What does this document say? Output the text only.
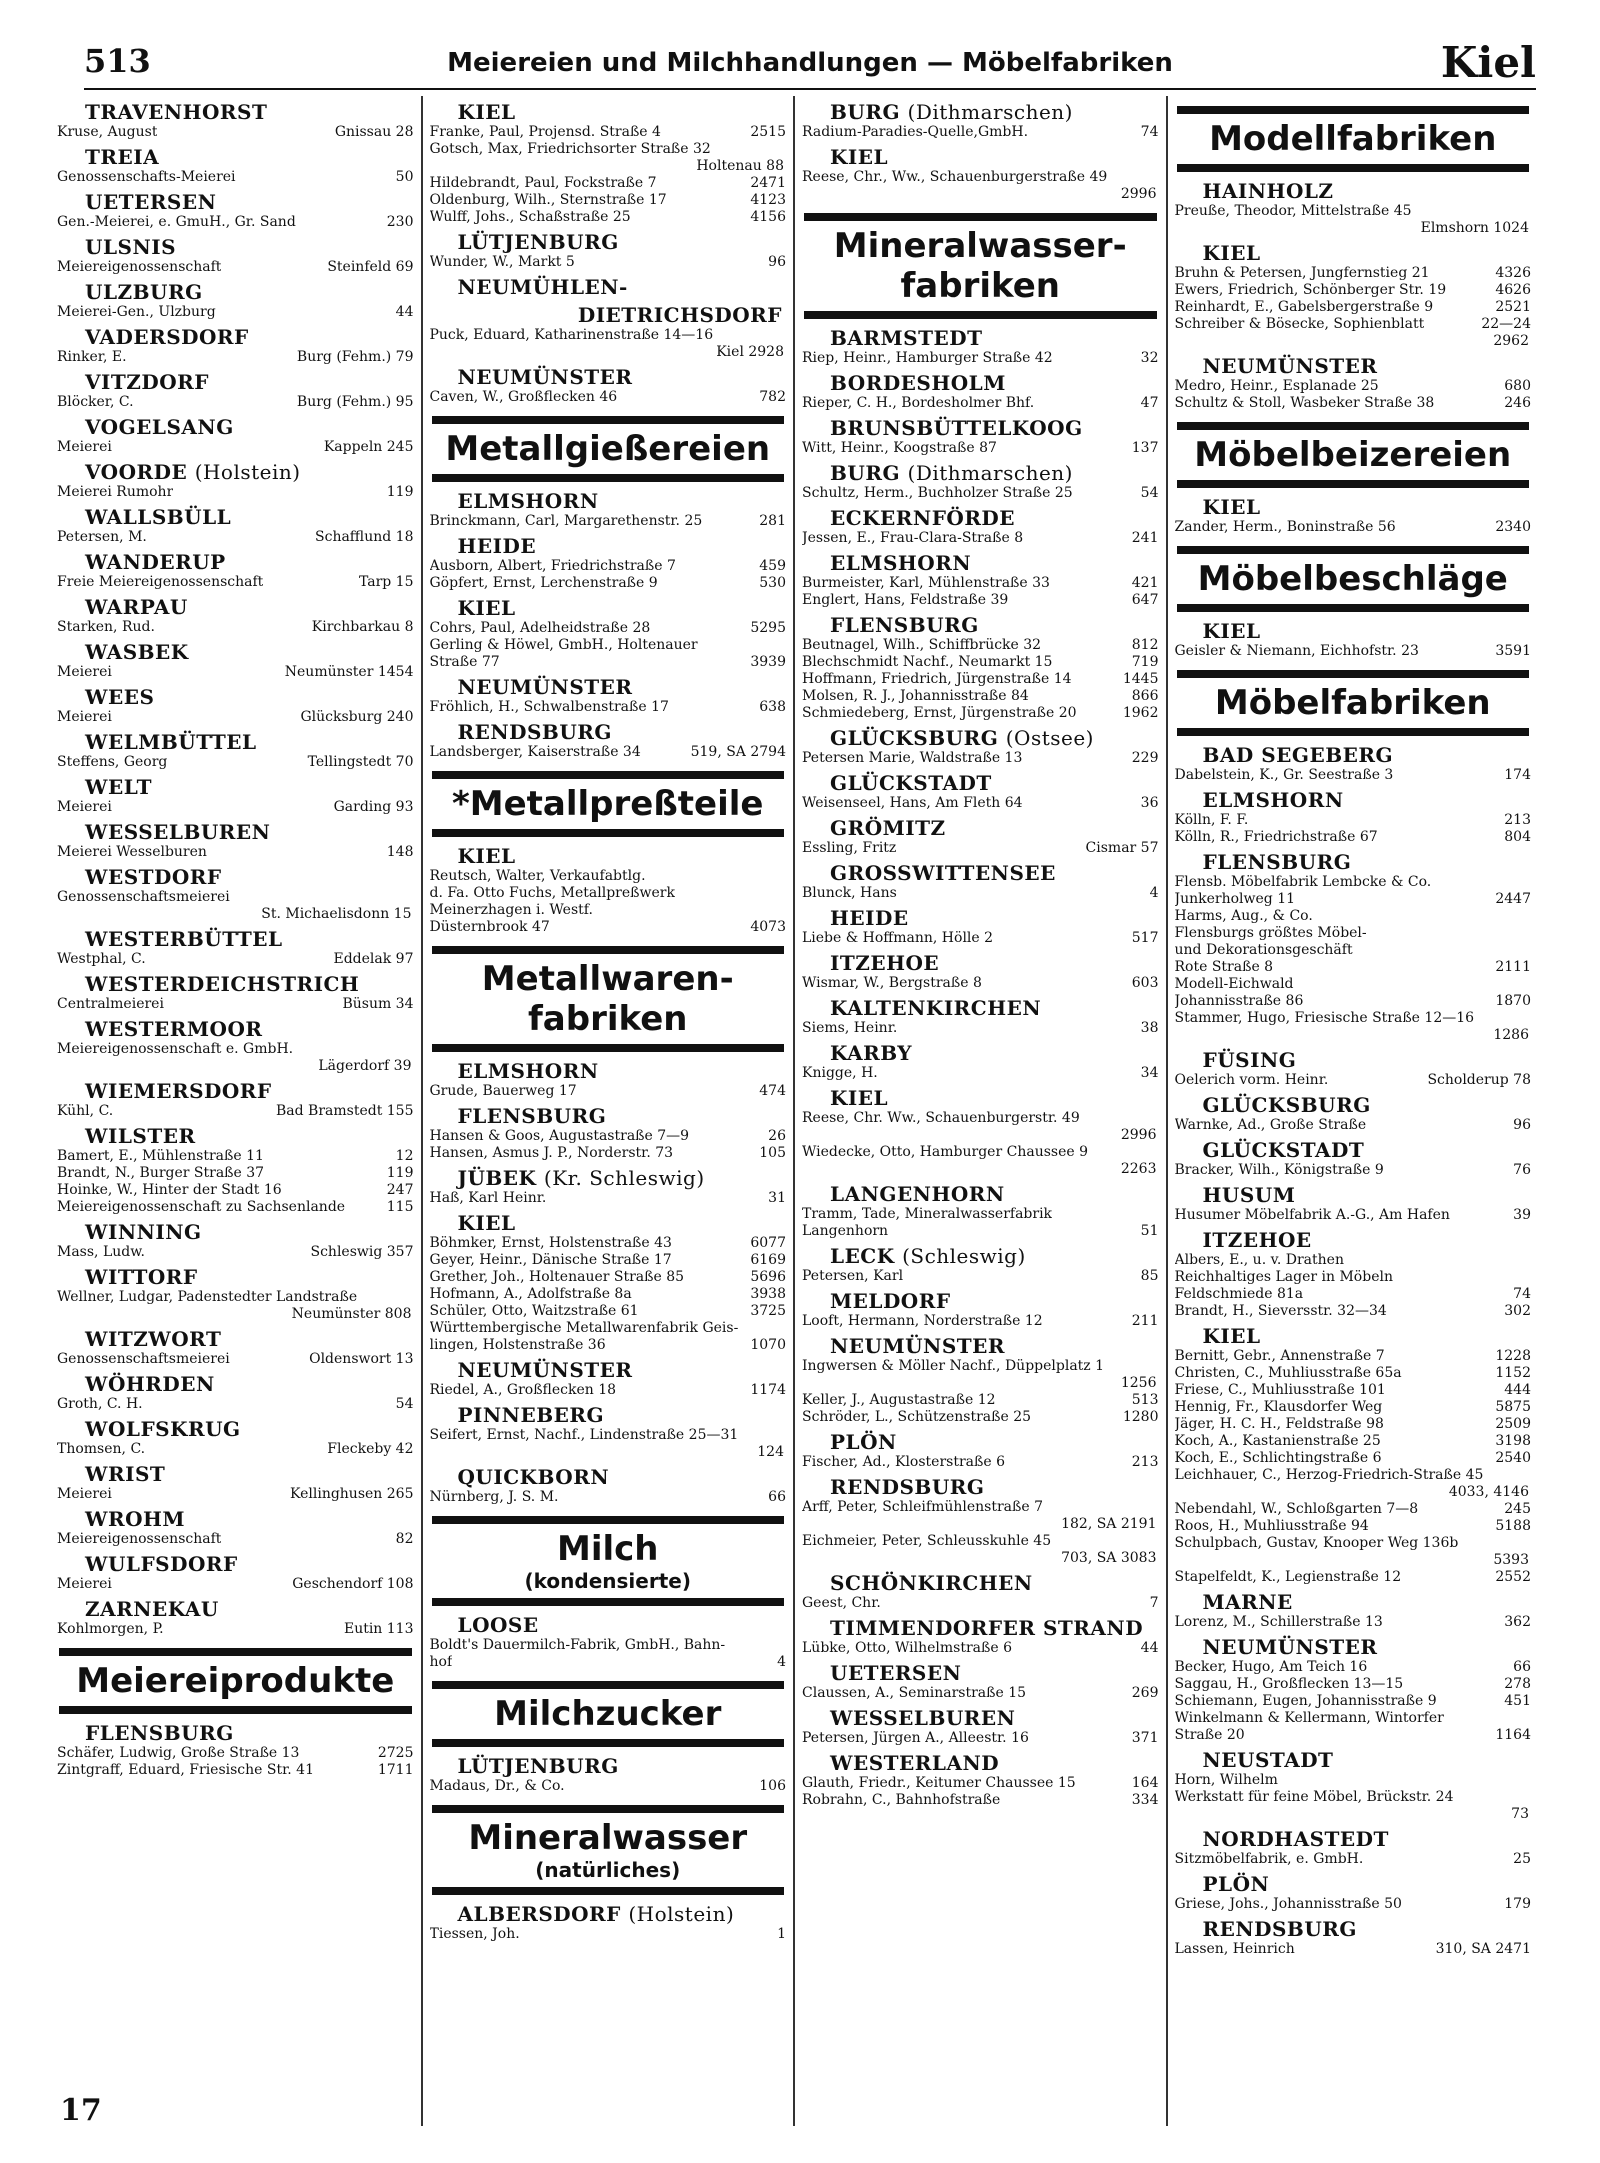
513	Meiereien und Milchhandlungen — Möbelfabriken	Kiel
TRAVENHORST
Kruse, August	Gnissau 28
TREIA
Genossenschafts-Meierei	50
UETERSEN
Gen.-Meierei, e. GmuH., Gr. Sand	230
ULSNIS
Meiereigenossenschaft	Steinfeld 69
ULZBURG
Meierei-Gen., Ulzburg	44
VADERSDORF
Rinker, E.	Burg (Fehm.) 79
VITZDORF
Blöcker, C.	Burg (Fehm.) 95
VOGELSANG
Meierei	Kappeln 245
VOORDE (Holstein)
Meierei Rumohr	119
WALLSBÜLL
Petersen, M.	Schafflund 18
WANDERUP
Freie Meiereigenossenschaft	Tarp 15
WARPAU
Starken, Rud.	Kirchbarkau 8
WASBEK
Meierei	Neumünster 1454
WEES
Meierei	Glücksburg 240
WELMBÜTTEL
Steffens, Georg	Tellingstedt 70
WELT
Meierei	Garding 93
WESSELBUREN
Meierei Wesselburen	148
WESTDORF
Genossenschaftsmeierei
St. Michaelisdonn 15
WESTERBÜTTEL
Westphal, C.	Eddelak 97
WESTERDEICHSTRICH
Centralmeierei	Büsum 34
WESTERMOOR
Meiereigenossenschaft e. GmbH.
Lägerdorf 39
WIEMERSDORF
Kühl, C.	Bad Bramstedt 155
WILSTER
Bamert, E., Mühlenstraße 11	12
Brandt, N., Burger Straße 37	119
Hoinke, W., Hinter der Stadt 16	247
Meiereigenossenschaft zu Sachsenlande	115
WINNING
Mass, Ludw.	Schleswig 357
WITTORF
Wellner, Ludgar, Padenstedter Landstraße
Neumünster 808
WITZWORT
Genossenschaftsmeierei	Oldenswort 13
WÖHRDEN
Groth, C. H.	54
WOLFSKRUG
Thomsen, C.	Fleckeby 42
WRIST
Meierei	Kellinghusen 265
WROHM
Meiereigenossenschaft	82
WULFSDORF
Meierei	Geschendorf 108
ZARNEKAU
Kohlmorgen, P.	Eutin 113
Meiereiprodukte
FLENSBURG
Schäfer, Ludwig, Große Straße 13	2725
Zintgraff, Eduard, Friesische Str. 41	1711
KIEL
Franke, Paul, Projensd. Straße 4	2515
Gotsch, Max, Friedrichsorter Straße 32
Holtenau 88
Hildebrandt, Paul, Fockstraße 7	2471
Oldenburg, Wilh., Sternstraße 17	4123
Wulff, Johs., Schaßstraße 25	4156
LÜTJENBURG
Wunder, W., Markt 5	96
NEUMÜHLEN-
DIETRICHSDORF
Puck, Eduard, Katharinenstraße 14—16
Kiel 2928
NEUMÜNSTER
Caven, W., Großflecken 46	782
Metallgießereien
ELMSHORN
Brinckmann, Carl, Margarethenstr. 25	281
HEIDE
Ausborn, Albert, Friedrichstraße 7	459
Göpfert, Ernst, Lerchenstraße 9	530
KIEL
Cohrs, Paul, Adelheidstraße 28	5295
Gerling & Höwel, GmbH., Holtenauer
Straße 77	3939
NEUMÜNSTER
Fröhlich, H., Schwalbenstraße 17	638
RENDSBURG
Landsberger, Kaiserstraße 34	519, SA 2794
*Metallpreßteile
KIEL
Reutsch, Walter, Verkaufabtlg.
d. Fa. Otto Fuchs, Metallpreßwerk
Meinerzhagen i. Westf.
Düsternbrook 47	4073
Metallwaren-fabriken
ELMSHORN
Grude, Bauerweg 17	474
FLENSBURG
Hansen & Goos, Augustastraße 7—9	26
Hansen, Asmus J. P., Norderstr. 73	105
JÜBEK (Kr. Schleswig)
Haß, Karl Heinr.	31
KIEL
Böhmker, Ernst, Holstenstraße 43	6077
Geyer, Heinr., Dänische Straße 17	6169
Grether, Joh., Holtenauer Straße 85	5696
Hofmann, A., Adolfstraße 8a	3938
Schüler, Otto, Waitzstraße 61	3725
Württembergische Metallwarenfabrik Geis-
lingen, Holstenstraße 36	1070
NEUMÜNSTER
Riedel, A., Großflecken 18	1174
PINNEBERG
Seifert, Ernst, Nachf., Lindenstraße 25—31
124
QUICKBORN
Nürnberg, J. S. M.	66
Milch
(kondensierte)
LOOSE
Boldt's Dauermilch-Fabrik, GmbH., Bahn-
hof	4
Milchzucker
LÜTJENBURG
Madaus, Dr., & Co.	106
Mineralwasser
(natürliches)
ALBERSDORF (Holstein)
Tiessen, Joh.	1
BURG (Dithmarschen)
Radium-Paradies-Quelle,GmbH.	74
KIEL
Reese, Chr., Ww., Schauenburgerstraße 49
2996
Mineralwasser-fabriken
BARMSTEDT
Riep, Heinr., Hamburger Straße 42	32
BORDESHOLM
Rieper, C. H., Bordesholmer Bhf.	47
BRUNSBÜTTELKOOG
Witt, Heinr., Koogstraße 87	137
BURG (Dithmarschen)
Schultz, Herm., Buchholzer Straße 25	54
ECKERNFÖRDE
Jessen, E., Frau-Clara-Straße 8	241
ELMSHORN
Burmeister, Karl, Mühlenstraße 33	421
Englert, Hans, Feldstraße 39	647
FLENSBURG
Beutnagel, Wilh., Schiffbrücke 32	812
Blechschmidt Nachf., Neumarkt 15	719
Hoffmann, Friedrich, Jürgenstraße 14	1445
Molsen, R. J., Johannisstraße 84	866
Schmiedeberg, Ernst, Jürgenstraße 20	1962
GLÜCKSBURG (Ostsee)
Petersen Marie, Waldstraße 13	229
GLÜCKSTADT
Weisenseel, Hans, Am Fleth 64	36
GRÖMITZ
Essling, Fritz	Cismar 57
GROSSWITTENSEE
Blunck, Hans	4
HEIDE
Liebe & Hoffmann, Hölle 2	517
ITZEHOE
Wismar, W., Bergstraße 8	603
KALTENKIRCHEN
Siems, Heinr.	38
KARBY
Knigge, H.	34
KIEL
Reese, Chr. Ww., Schauenburgerstr. 49
2996
Wiedecke, Otto, Hamburger Chaussee 9
2263
LANGENHORN
Tramm, Tade, Mineralwasserfabrik
Langenhorn	51
LECK (Schleswig)
Petersen, Karl	85
MELDORF
Looft, Hermann, Norderstraße 12	211
NEUMÜNSTER
Ingwersen & Möller Nachf., Düppelplatz 1
1256
Keller, J., Augustastraße 12	513
Schröder, L., Schützenstraße 25	1280
PLÖN
Fischer, Ad., Klosterstraße 6	213
RENDSBURG
Arff, Peter, Schleifmühlenstraße 7
182, SA 2191
Eichmeier, Peter, Schleusskuhle 45
703, SA 3083
SCHÖNKIRCHEN
Geest, Chr.	7
TIMMENDORFER STRAND
Lübke, Otto, Wilhelmstraße 6	44
UETERSEN
Claussen, A., Seminarstraße 15	269
WESSELBUREN
Petersen, Jürgen A., Alleestr. 16	371
WESTERLAND
Glauth, Friedr., Keitumer Chaussee 15	164
Robrahn, C., Bahnhofstraße	334
Modellfabriken
HAINHOLZ
Preuße, Theodor, Mittelstraße 45
Elmshorn 1024
KIEL
Bruhn & Petersen, Jungfernstieg 21	4326
Ewers, Friedrich, Schönberger Str. 19	4626
Reinhardt, E., Gabelsbergerstraße 9	2521
Schreiber & Bösecke, Sophienblatt	22—24
2962
NEUMÜNSTER
Medro, Heinr., Esplanade 25	680
Schultz & Stoll, Wasbeker Straße 38	246
Möbelbeizereien
KIEL
Zander, Herm., Boninstraße 56	2340
Möbelbeschläge
KIEL
Geisler & Niemann, Eichhofstr. 23	3591
Möbelfabriken
BAD SEGEBERG
Dabelstein, K., Gr. Seestraße 3	174
ELMSHORN
Kölln, F. F.	213
Kölln, R., Friedrichstraße 67	804
FLENSBURG
Flensb. Möbelfabrik Lembcke & Co.
Junkerholweg 11	2447
Harms, Aug., & Co.
Flensburgs größtes Möbel-
und Dekorationsgeschäft
Rote Straße 8	2111
Modell-Eichwald
Johannisstraße 86	1870
Stammer, Hugo, Friesische Straße 12—16
1286
FÜSING
Oelerich vorm. Heinr.	Scholderup 78
GLÜCKSBURG
Warnke, Ad., Große Straße	96
GLÜCKSTADT
Bracker, Wilh., Königstraße 9	76
HUSUM
Husumer Möbelfabrik A.-G., Am Hafen	39
ITZEHOE
Albers, E., u. v. Drathen
Reichhaltiges Lager in Möbeln
Feldschmiede 81a	74
Brandt, H., Sieversstr. 32—34	302
KIEL
Bernitt, Gebr., Annenstraße 7	1228
Christen, C., Muhliusstraße 65a	1152
Friese, C., Muhliusstraße 101	444
Hennig, Fr., Klausdorfer Weg	5875
Jäger, H. C. H., Feldstraße 98	2509
Koch, A., Kastanienstraße 25	3198
Koch, E., Schlichtingstraße 6	2540
Leichhauer, C., Herzog-Friedrich-Straße 45
4033, 4146
Nebendahl, W., Schloßgarten 7—8	245
Roos, H., Muhliusstraße 94	5188
Schulpbach, Gustav, Knooper Weg 136b
5393
Stapelfeldt, K., Legienstraße 12	2552
MARNE
Lorenz, M., Schillerstraße 13	362
NEUMÜNSTER
Becker, Hugo, Am Teich 16	66
Saggau, H., Großflecken 13—15	278
Schiemann, Eugen, Johannisstraße 9	451
Winkelmann & Kellermann, Wintorfer
Straße 20	1164
NEUSTADT
Horn, Wilhelm
Werkstatt für feine Möbel, Brückstr. 24
73
NORDHASTEDT
Sitzmöbelfabrik, e. GmbH.	25
PLÖN
Griese, Johs., Johannisstraße 50	179
RENDSBURG
Lassen, Heinrich	310, SA 2471
17
